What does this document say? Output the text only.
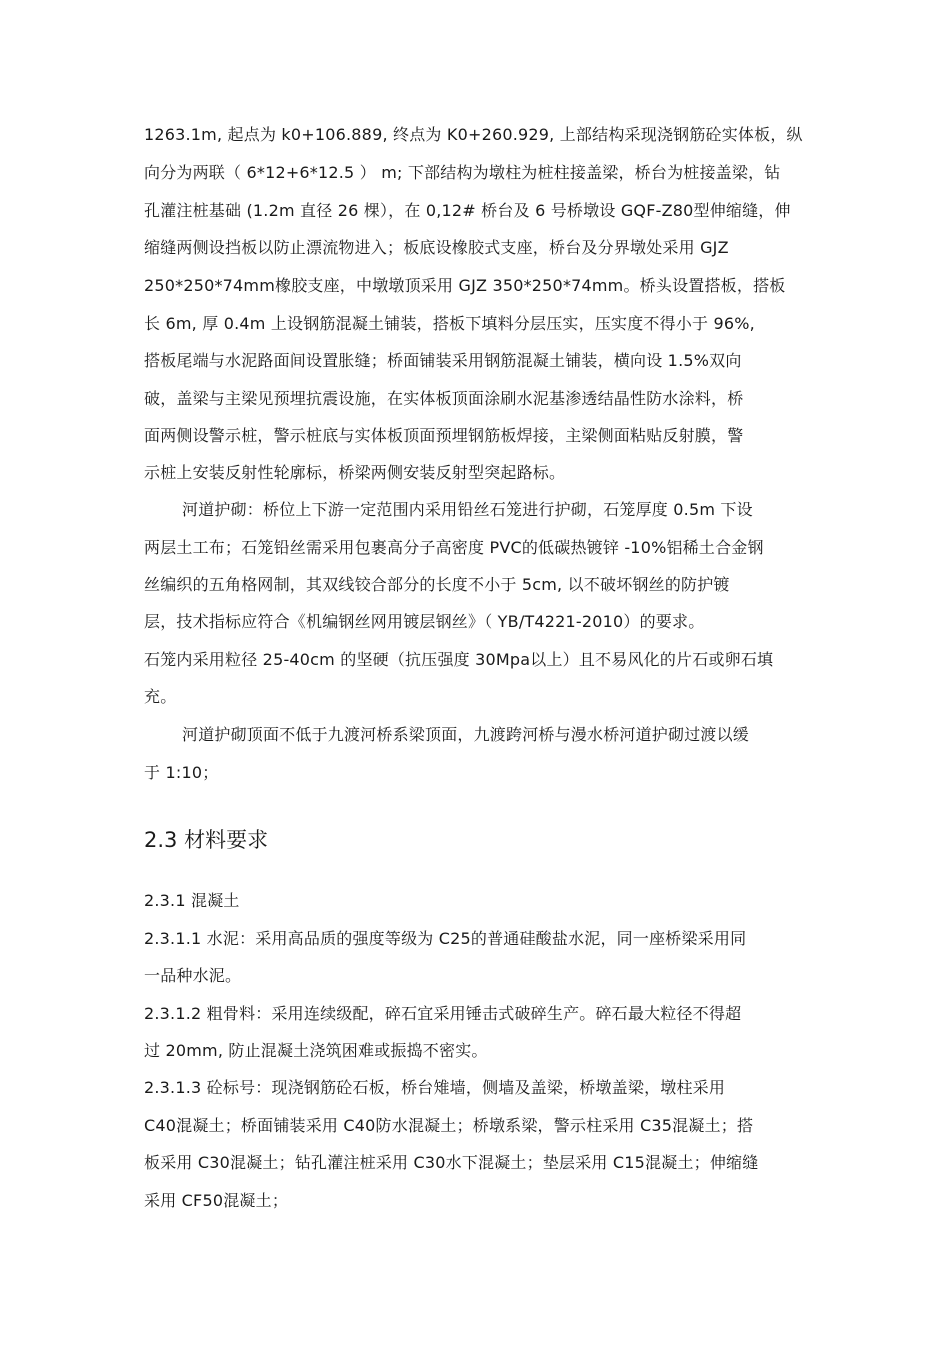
1263.1m, 起点为 k0+106.889, 终点为 K0+260.929, 上部结构采现浇钢筋砼实体板，纵
向分为两联（ 6*12+6*12.5 ） m; 下部结构为墩柱为桩柱接盖梁，桥台为桩接盖梁，钻
孔灌注桩基础 (1.2m 直径 26 棵），在 0,12# 桥台及 6 号桥墩设 GQF-Z80型伸缩缝，伸
缩缝两侧设挡板以防止漂流物进入；板底设橡胶式支座，桥台及分界墩处采用 GJZ
250*250*74mm橡胶支座，中墩墩顶采用 GJZ 350*250*74mm。桥头设置搭板，搭板
长 6m, 厚 0.4m 上设钢筋混凝土铺装，搭板下填料分层压实，压实度不得小于 96%,
搭板尾端与水泥路面间设置胀缝；桥面铺装采用钢筋混凝土铺装，横向设 1.5%双向
破，盖梁与主梁见预埋抗震设施，在实体板顶面涂刷水泥基渗透结晶性防水涂料，桥
面两侧设警示桩，警示桩底与实体板顶面预埋钢筋板焊接，主梁侧面粘贴反射膜，警
示桩上安装反射性轮廓标，桥梁两侧安装反射型突起路标。
河道护砌：桥位上下游一定范围内采用铅丝石笼进行护砌，石笼厚度 0.5m 下设
两层土工布；石笼铅丝需采用包裹高分子高密度 PVC的低碳热镀锌 -10%铝稀土合金钢
丝编织的五角格网制，其双线铰合部分的长度不小于 5cm, 以不破坏钢丝的防护镀
层，技术指标应符合《机编钢丝网用镀层钢丝》（ YB/T4221-2010）的要求。
石笼内采用粒径 25-40cm 的坚硬（抗压强度 30Mpa以上）且不易风化的片石或卵石填
充。
河道护砌顶面不低于九渡河桥系梁顶面，九渡跨河桥与漫水桥河道护砌过渡以缓
于 1:10；
2.3 材料要求
2.3.1 混凝土
2.3.1.1 水泥：采用高品质的强度等级为 C25的普通硅酸盐水泥，同一座桥梁采用同
一品种水泥。
2.3.1.2 粗骨料：采用连续级配，碎石宜采用锤击式破碎生产。碎石最大粒径不得超
过 20mm, 防止混凝土浇筑困难或振捣不密实。
2.3.1.3 砼标号：现浇钢筋砼石板，桥台雉墙，侧墙及盖梁，桥墩盖梁，墩柱采用
C40混凝土；桥面铺装采用 C40防水混凝土；桥墩系梁，警示柱采用 C35混凝土；搭
板采用 C30混凝土；钻孔灌注桩采用 C30水下混凝土；垫层采用 C15混凝土；伸缩缝
采用 CF50混凝土；
